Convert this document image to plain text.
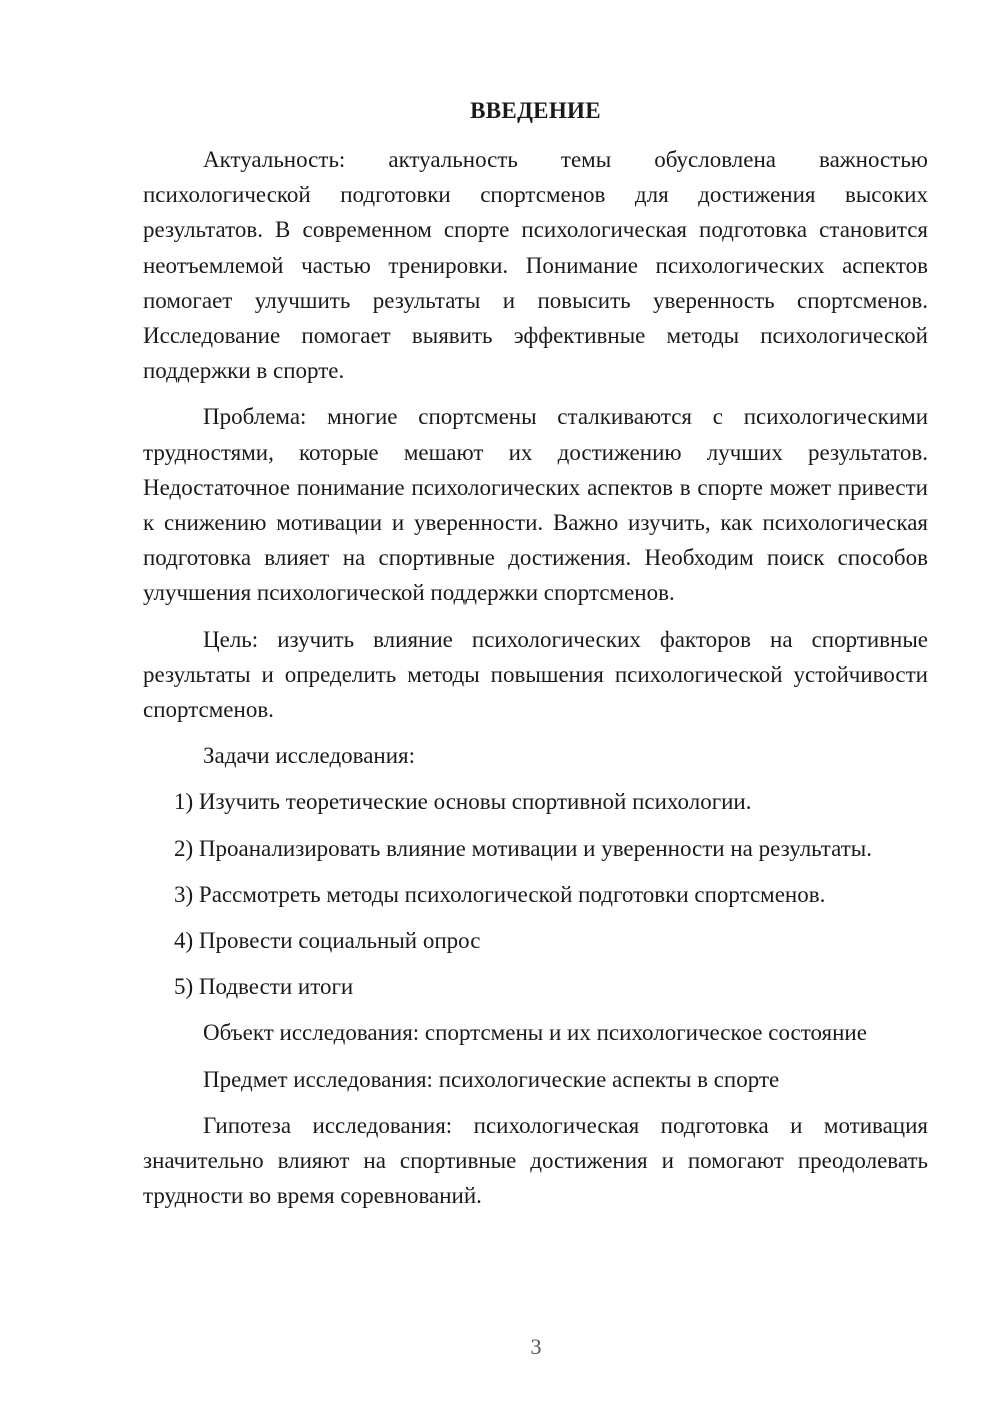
ВВЕДЕНИЕ

Актуальность: актуальность темы обусловлена важностью психологической подготовки спортсменов для достижения высоких результатов. В современном спорте психологическая подготовка становится неотъемлемой частью тренировки. Понимание психологических аспектов помогает улучшить результаты и повысить уверенность спортсменов. Исследование помогает выявить эффективные методы психологической поддержки в спорте.

Проблема: многие спортсмены сталкиваются с психологическими трудностями, которые мешают их достижению лучших результатов. Недостаточное понимание психологических аспектов в спорте может привести к снижению мотивации и уверенности. Важно изучить, как психологическая подготовка влияет на спортивные достижения. Необходим поиск способов улучшения психологической поддержки спортсменов.

Цель: изучить влияние психологических факторов на спортивные результаты и определить методы повышения психологической устойчивости спортсменов.

Задачи исследования:

1) Изучить теоретические основы спортивной психологии.

2) Проанализировать влияние мотивации и уверенности на результаты.

3) Рассмотреть методы психологической подготовки спортсменов.

4) Провести социальный опрос

5) Подвести итоги

Объект исследования: спортсмены и их психологическое состояние

Предмет исследования: психологические аспекты в спорте

Гипотеза исследования: психологическая подготовка и мотивация значительно влияют на спортивные достижения и помогают преодолевать трудности во время соревнований.

3
